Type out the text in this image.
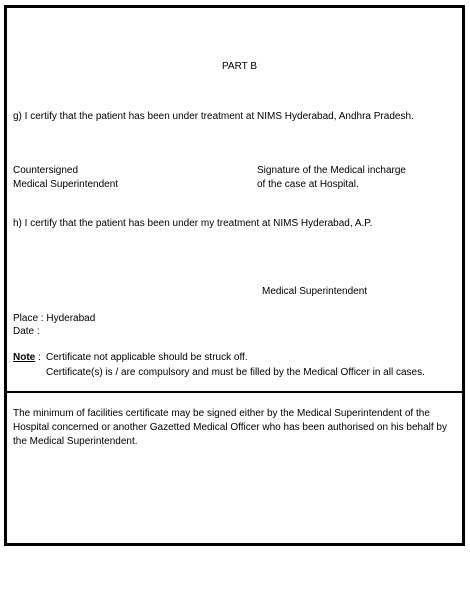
PART B
g) I certify that the patient has been under treatment at NIMS Hyderabad, Andhra Pradesh.
Countersigned
Medical Superintendent
Signature of the Medical incharge
of the case at Hospital.
h) I certify that the patient has been under my treatment at NIMS Hyderabad, A.P.
Medical Superintendent
Place : Hyderabad
Date :
Note : Certificate not applicable should be struck off.
Certificate(s) is / are compulsory and must be filled by the Medical Officer in all cases.
The minimum of facilities certificate may be signed either by the Medical Superintendent of the Hospital concerned or another Gazetted Medical Officer who has been authorised on his behalf by the Medical Superintendent.
